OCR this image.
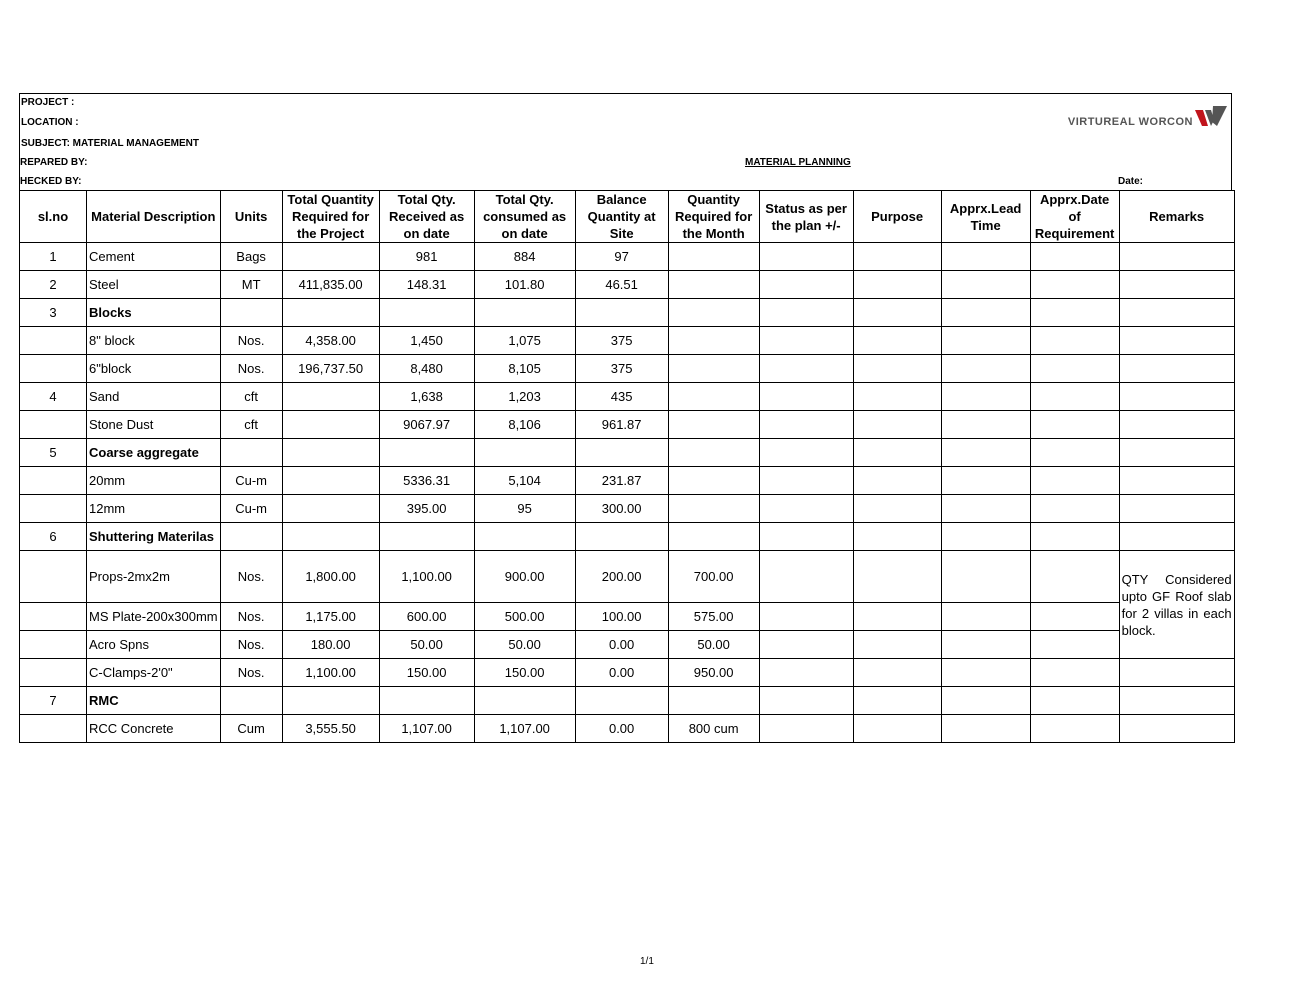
PROJECT :
LOCATION :
SUBJECT: MATERIAL MANAGEMENT
REPARED BY:
HECKED BY:
MATERIAL PLANNING
Date:
VIRTUREAL WORCON
sl.no	Material Description	Units	Total Quantity Required for the Project	Total Qty. Received as on date	Total Qty. consumed as on date	Balance Quantity at Site	Quantity Required for the Month	Status as per the plan +/-	Purpose	Apprx.Lead Time	Apprx.Date of Requirement	Remarks
1	Cement	Bags		981	884	97						
2	Steel	MT	411,835.00	148.31	101.80	46.51						
3	Blocks											
	8" block	Nos.	4,358.00	1,450	1,075	375						
	6"block	Nos.	196,737.50	8,480	8,105	375						
4	Sand	cft		1,638	1,203	435						
	Stone Dust	cft		9067.97	8,106	961.87						
5	Coarse aggregate											
	20mm	Cu-m		5336.31	5,104	231.87						
	12mm	Cu-m		395.00	95	300.00						
6	Shuttering Materilas											
	Props-2mx2m	Nos.	1,800.00	1,100.00	900.00	200.00	700.00					QTY Considered upto GF Roof slab for 2 villas in each block.
	MS Plate-200x300mm	Nos.	1,175.00	600.00	500.00	100.00	575.00					
	Acro Spns	Nos.	180.00	50.00	50.00	0.00	50.00					
	C-Clamps-2'0"	Nos.	1,100.00	150.00	150.00	0.00	950.00					
7	RMC											
	RCC Concrete	Cum	3,555.50	1,107.00	1,107.00	0.00	800 cum					
1/1
